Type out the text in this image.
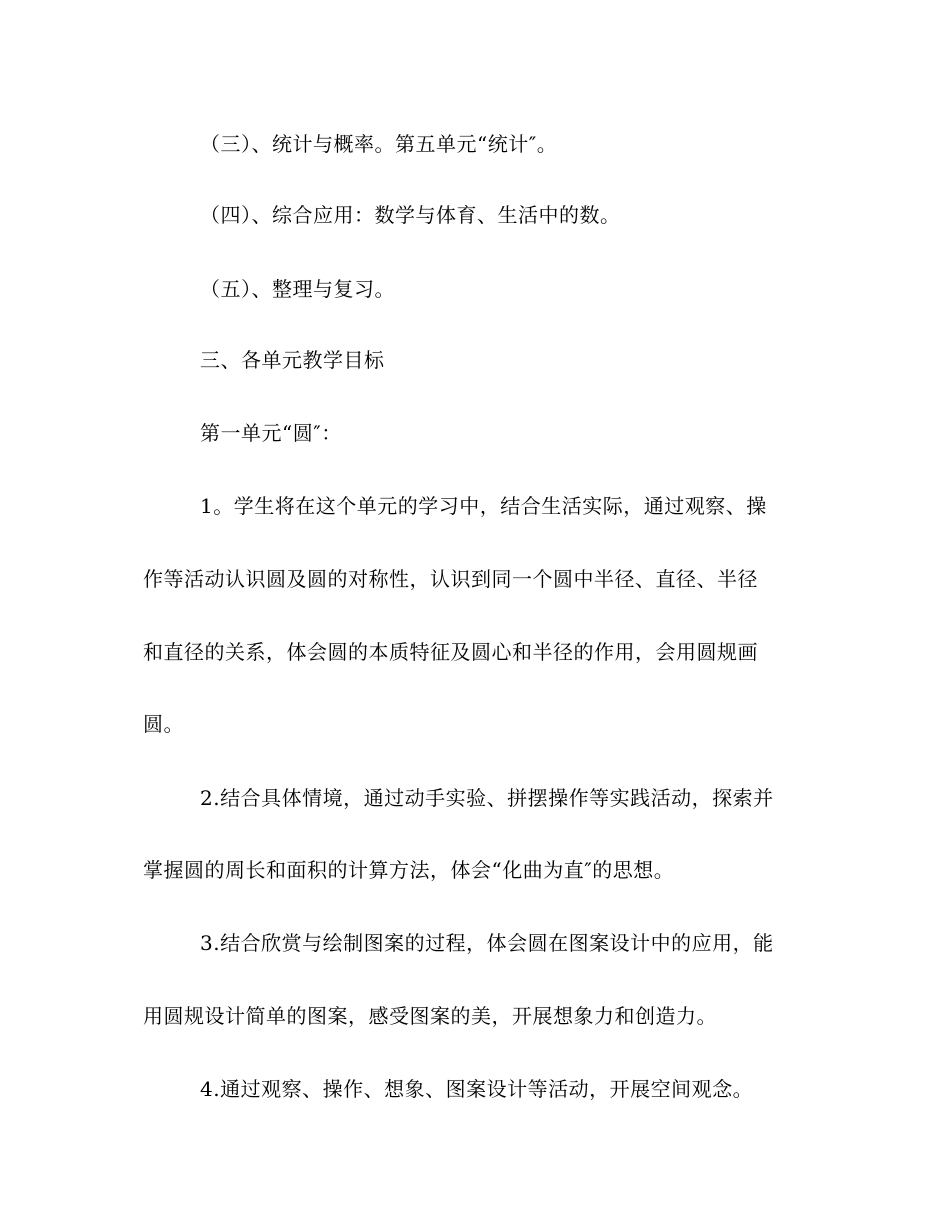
（三）、统计与概率。第五单元“统计″。
（四）、综合应用：数学与体育、生活中的数。
（五）、整理与复习。
三、各单元教学目标
第一单元“圆″：
1。学生将在这个单元的学习中，结合生活实际，通过观察、操
作等活动认识圆及圆的对称性，认识到同一个圆中半径、直径、半径
和直径的关系，体会圆的本质特征及圆心和半径的作用，会用圆规画
圆。
2.结合具体情境，通过动手实验、拼摆操作等实践活动，探索并
掌握圆的周长和面积的计算方法，体会“化曲为直″的思想。
3.结合欣赏与绘制图案的过程，体会圆在图案设计中的应用，能
用圆规设计简单的图案，感受图案的美，开展想象力和创造力。
4.通过观察、操作、想象、图案设计等活动，开展空间观念。
